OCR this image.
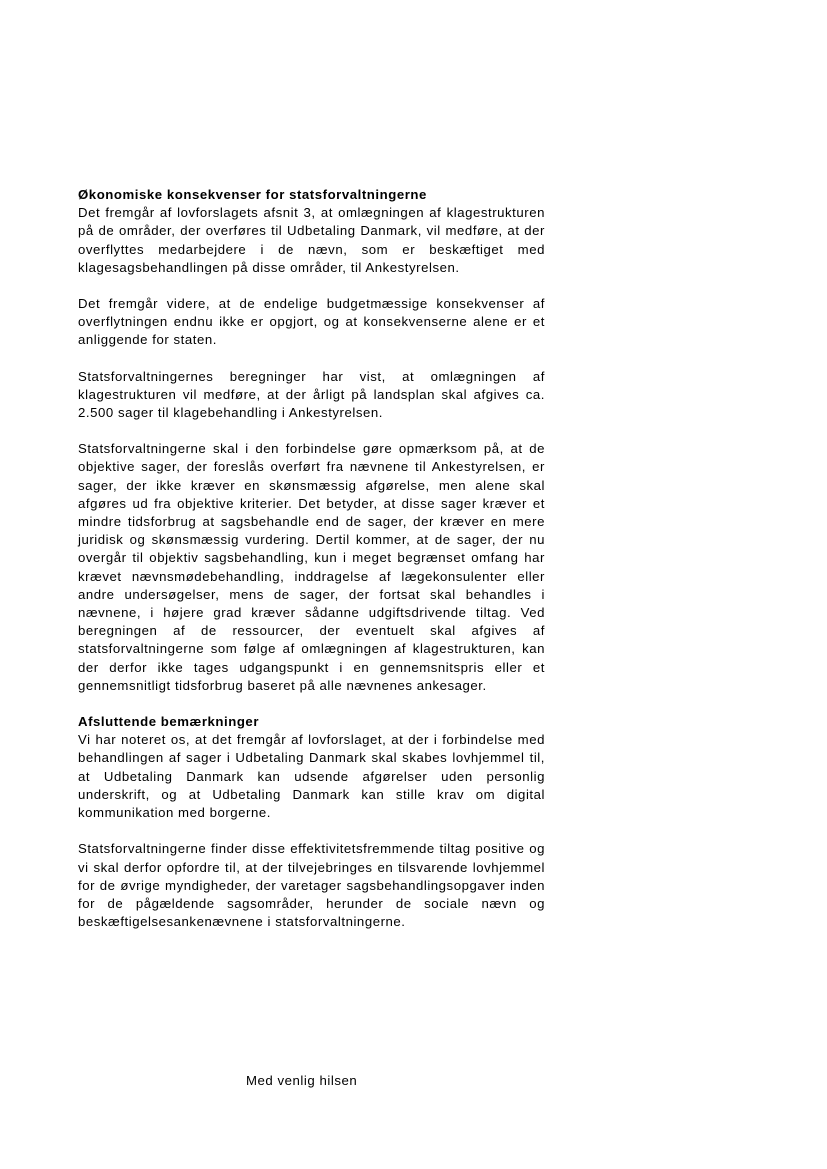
Økonomiske konsekvenser for statsforvaltningerne

Det fremgår af lovforslagets afsnit 3, at omlægningen af klagestrukturen på de områder, der overføres til Udbetaling Danmark, vil medføre, at der overflyttes medarbejdere i de nævn, som er beskæftiget med klagesagsbehandlingen på disse områder, til Ankestyrelsen.

Det fremgår videre, at de endelige budgetmæssige konsekvenser af overflytningen endnu ikke er opgjort, og at konsekvenserne alene er et anliggende for staten.

Statsforvaltningernes beregninger har vist, at omlægningen af klagestrukturen vil medføre, at der årligt på landsplan skal afgives ca. 2.500 sager til klagebehandling i Ankestyrelsen.

Statsforvaltningerne skal i den forbindelse gøre opmærksom på, at de objektive sager, der foreslås overført fra nævnene til Ankestyrelsen, er sager, der ikke kræver en skønsmæssig afgørelse, men alene skal afgøres ud fra objektive kriterier. Det betyder, at disse sager kræver et mindre tidsforbrug at sagsbehandle end de sager, der kræver en mere juridisk og skønsmæssig vurdering. Dertil kommer, at de sager, der nu overgår til objektiv sagsbehandling, kun i meget begrænset omfang har krævet nævnsmødebehandling, inddragelse af lægekonsulenter eller andre undersøgelser, mens de sager, der fortsat skal behandles i nævnene, i højere grad kræver sådanne udgiftsdrivende tiltag. Ved beregningen af de ressourcer, der eventuelt skal afgives af statsforvaltningerne som følge af omlægningen af klagestrukturen, kan der derfor ikke tages udgangspunkt i en gennemsnitspris eller et gennemsnitligt tidsforbrug baseret på alle nævnenes ankesager.

Afsluttende bemærkninger

Vi har noteret os, at det fremgår af lovforslaget, at der i forbindelse med behandlingen af sager i Udbetaling Danmark skal skabes lovhjemmel til, at Udbetaling Danmark kan udsende afgørelser uden personlig underskrift, og at Udbetaling Danmark kan stille krav om digital kommunikation med borgerne.

Statsforvaltningerne finder disse effektivitetsfremmende tiltag positive og vi skal derfor opfordre til, at der tilvejebringes en tilsvarende lovhjemmel for de øvrige myndigheder, der varetager sagsbehandlingsopgaver inden for de pågældende sagsområder, herunder de sociale nævn og beskæftigelsesankenævnene i statsforvaltningerne.

Med venlig hilsen
